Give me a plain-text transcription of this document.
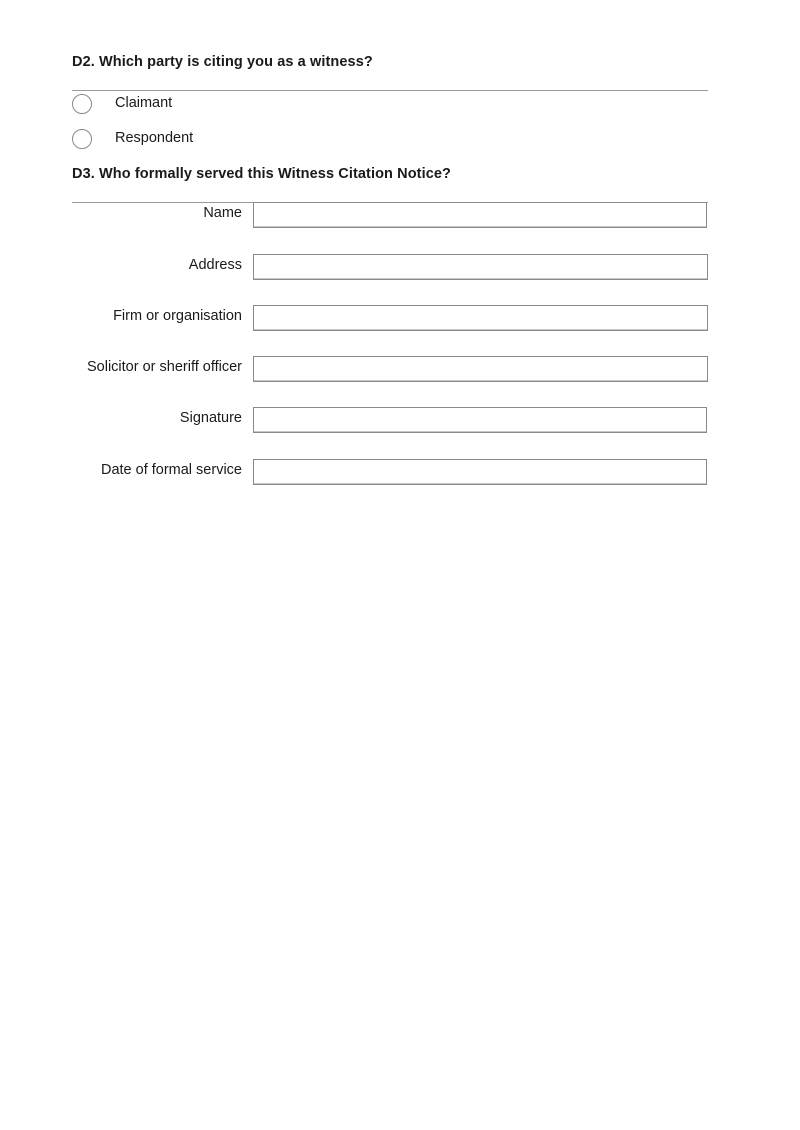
D2. Which party is citing you as a witness?
Claimant
Respondent
D3. Who formally served this Witness Citation Notice?
Name
Address
Firm or organisation
Solicitor or sheriff officer
Signature
Date of formal service
